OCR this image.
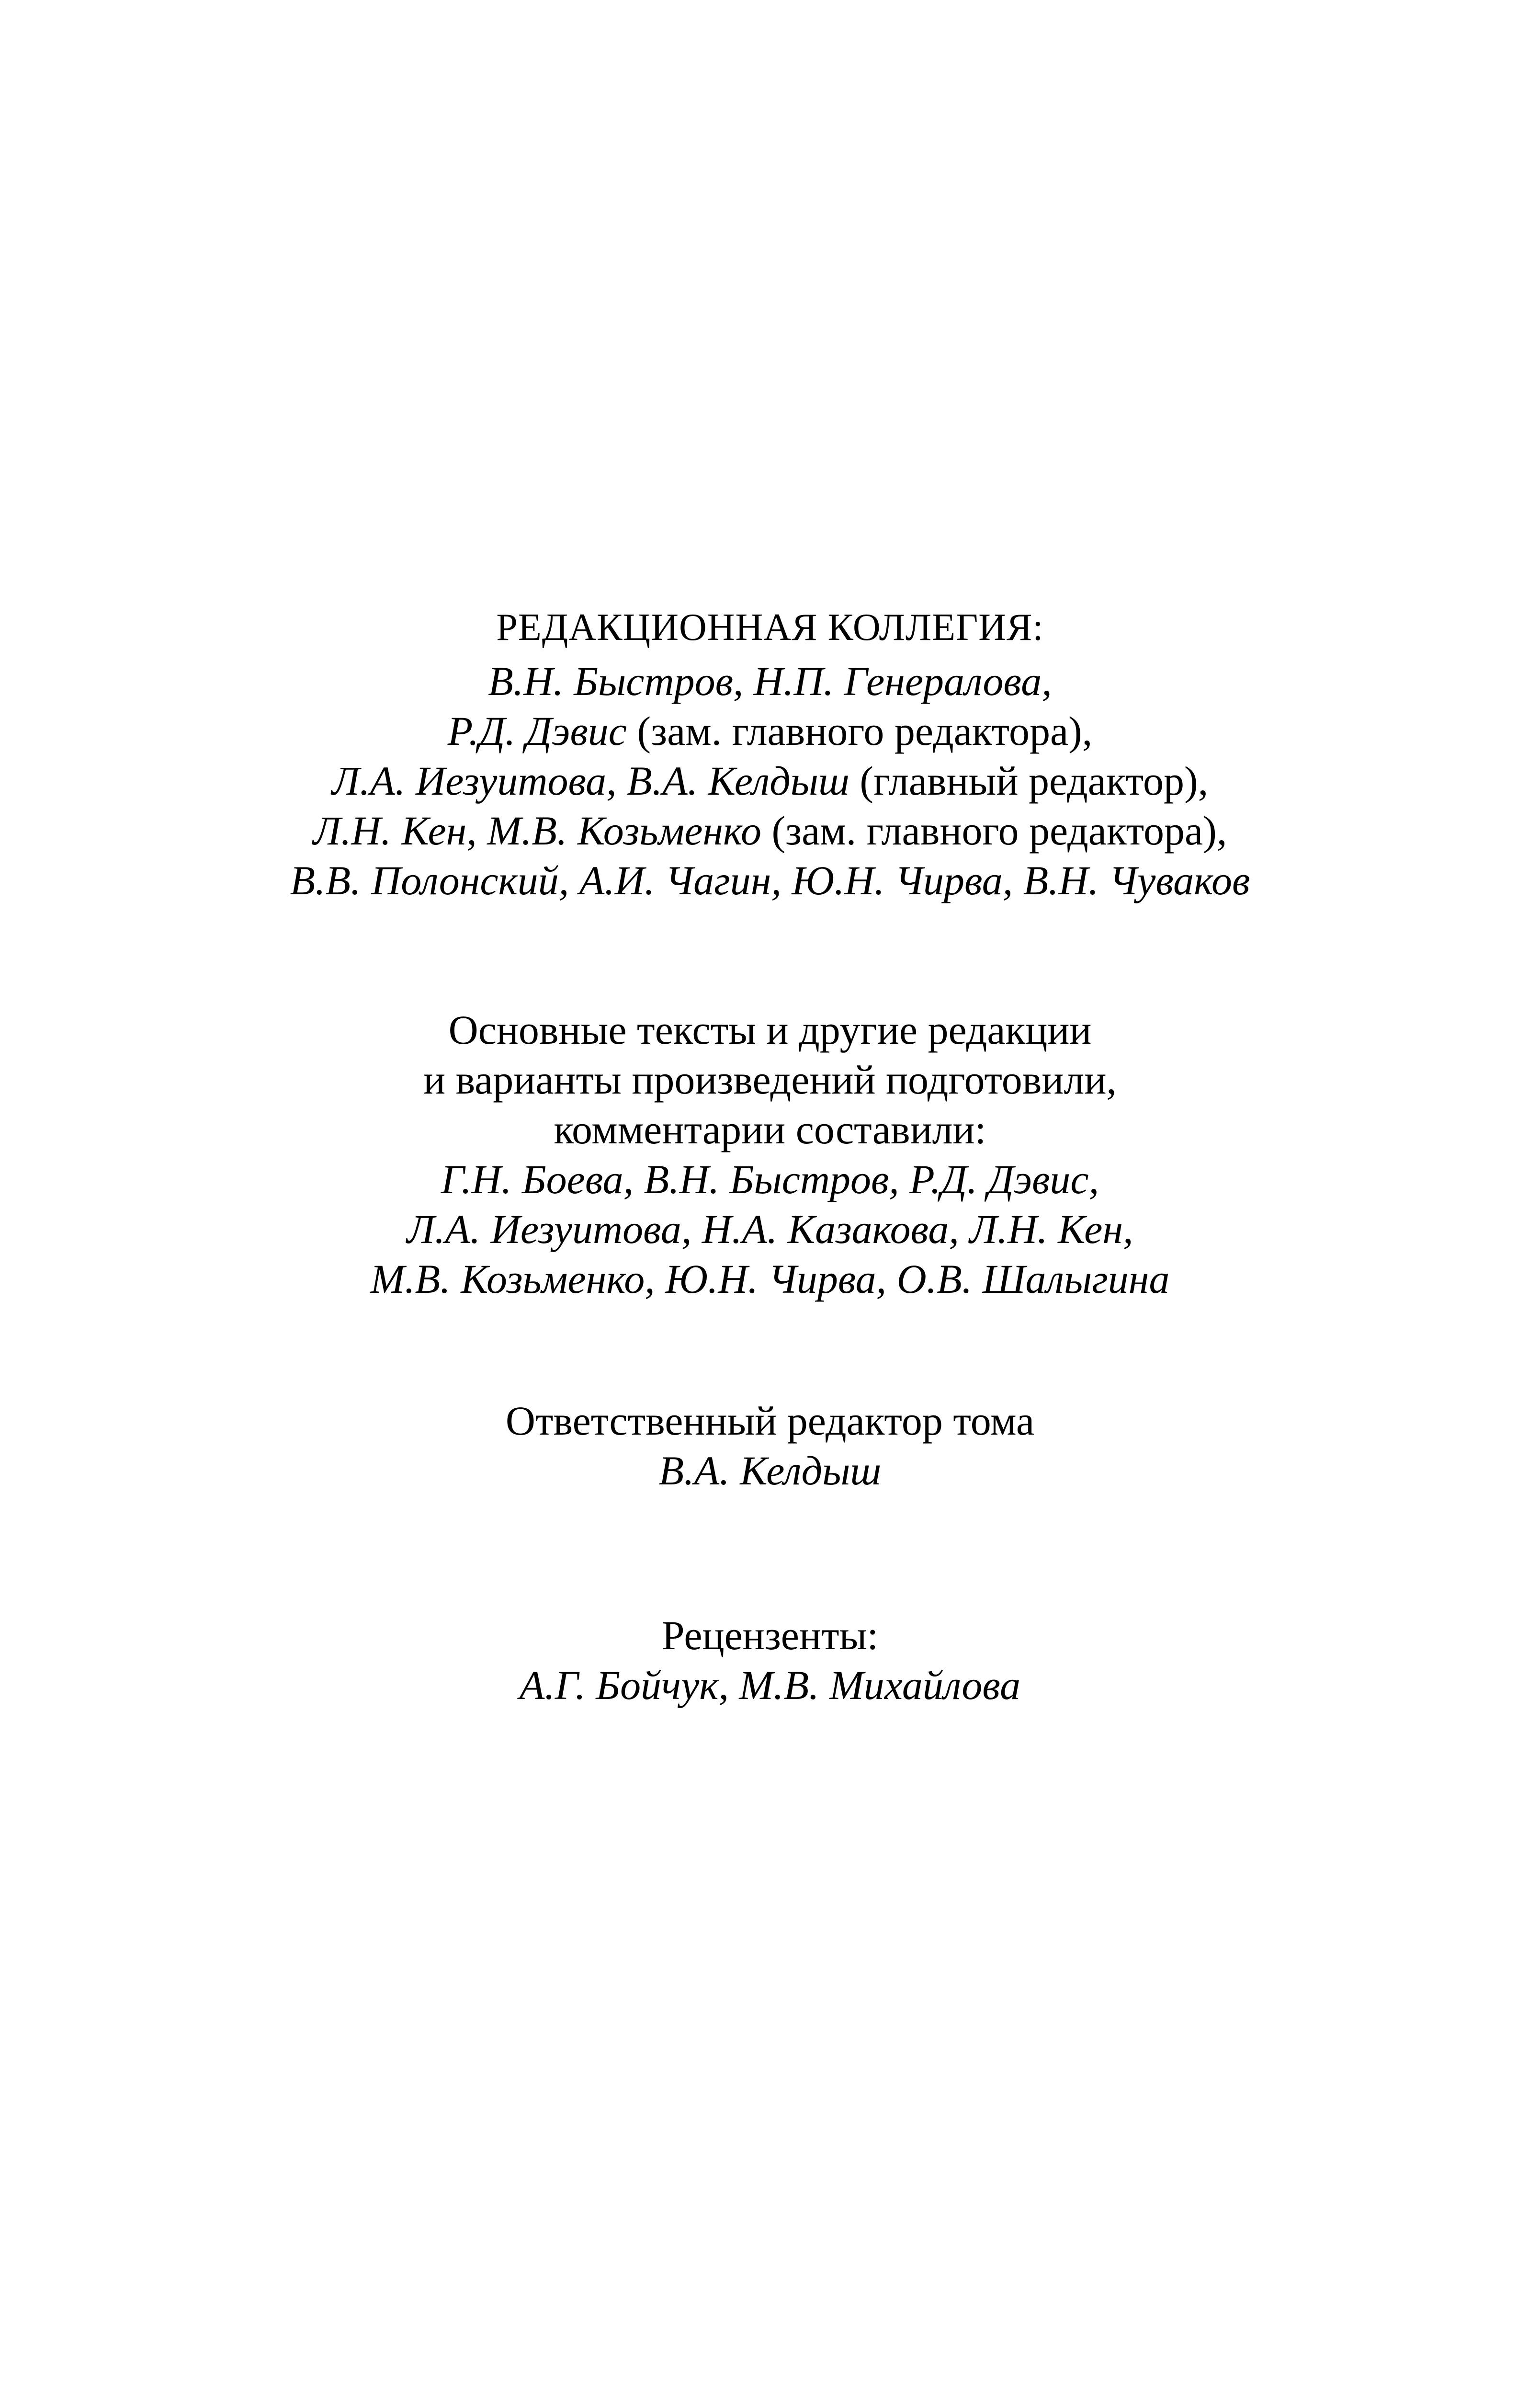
РЕДАКЦИОННАЯ КОЛЛЕГИЯ:
В.Н. Быстров, Н.П. Генералова,
Р.Д. Дэвис (зам. главного редактора),
Л.А. Иезуитова, В.А. Келдыш (главный редактор),
Л.Н. Кен, М.В. Козьменко (зам. главного редактора),
В.В. Полонский, А.И. Чагин, Ю.Н. Чирва, В.Н. Чуваков
Основные тексты и другие редакции
и варианты произведений подготовили,
комментарии составили:
Г.Н. Боева, В.Н. Быстров, Р.Д. Дэвис,
Л.А. Иезуитова, Н.А. Казакова, Л.Н. Кен,
М.В. Козьменко, Ю.Н. Чирва, О.В. Шалыгина
Ответственный редактор тома
В.А. Келдыш
Рецензенты:
А.Г. Бойчук, М.В. Михайлова
